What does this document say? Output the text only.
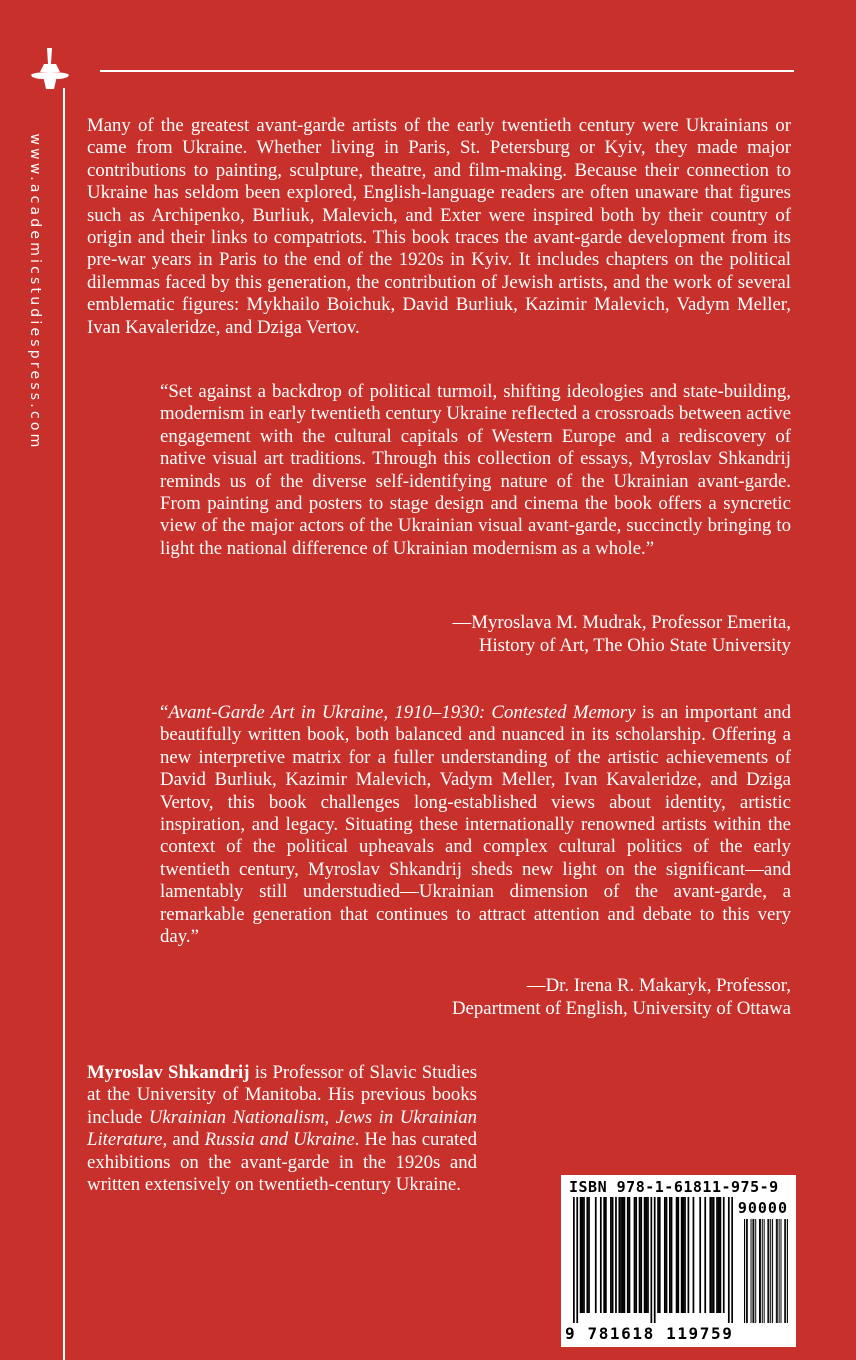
www.academicstudiespress.com

Many of the greatest avant-garde artists of the early twentieth century were Ukrainians or came from Ukraine. Whether living in Paris, St. Petersburg or Kyiv, they made major contributions to painting, sculpture, theatre, and film-making. Because their connection to Ukraine has seldom been explored, English-language readers are often unaware that figures such as Archipenko, Burliuk, Malevich, and Exter were inspired both by their country of origin and their links to compatriots. This book traces the avant-garde development from its pre-war years in Paris to the end of the 1920s in Kyiv. It includes chapters on the political dilemmas faced by this generation, the contribution of Jewish artists, and the work of several emblematic figures: Mykhailo Boichuk, David Burliuk, Kazimir Malevich, Vadym Meller, Ivan Kavaleridze, and Dziga Vertov.

“Set against a backdrop of political turmoil, shifting ideologies and state-building, modernism in early twentieth century Ukraine reflected a crossroads between active engagement with the cultural capitals of Western Europe and a rediscovery of native visual art traditions. Through this collection of essays, Myroslav Shkandrij reminds us of the diverse self-identifying nature of the Ukrainian avant-garde. From painting and posters to stage design and cinema the book offers a syncretic view of the major actors of the Ukrainian visual avant-garde, succinctly bringing to light the national difference of Ukrainian modernism as a whole.”

—Myroslava M. Mudrak, Professor Emerita,
History of Art, The Ohio State University

“Avant-Garde Art in Ukraine, 1910–1930: Contested Memory is an important and beautifully written book, both balanced and nuanced in its scholarship. Offering a new interpretive matrix for a fuller understanding of the artistic achievements of David Burliuk, Kazimir Malevich, Vadym Meller, Ivan Kavaleridze, and Dziga Vertov, this book challenges long-established views about identity, artistic inspiration, and legacy. Situating these internationally renowned artists within the context of the political upheavals and complex cultural politics of the early twentieth century, Myroslav Shkandrij sheds new light on the significant—and lamentably still understudied—Ukrainian dimension of the avant-garde, a remarkable generation that continues to attract attention and debate to this very day.”

—Dr. Irena R. Makaryk, Professor,
Department of English, University of Ottawa

Myroslav Shkandrij is Professor of Slavic Studies at the University of Manitoba. His previous books include Ukrainian Nationalism, Jews in Ukrainian Literature, and Russia and Ukraine. He has curated exhibitions on the avant-garde in the 1920s and written extensively on twentieth-century Ukraine.	ISBN 978-1-61811-975-9
90000
9 781618 119759
